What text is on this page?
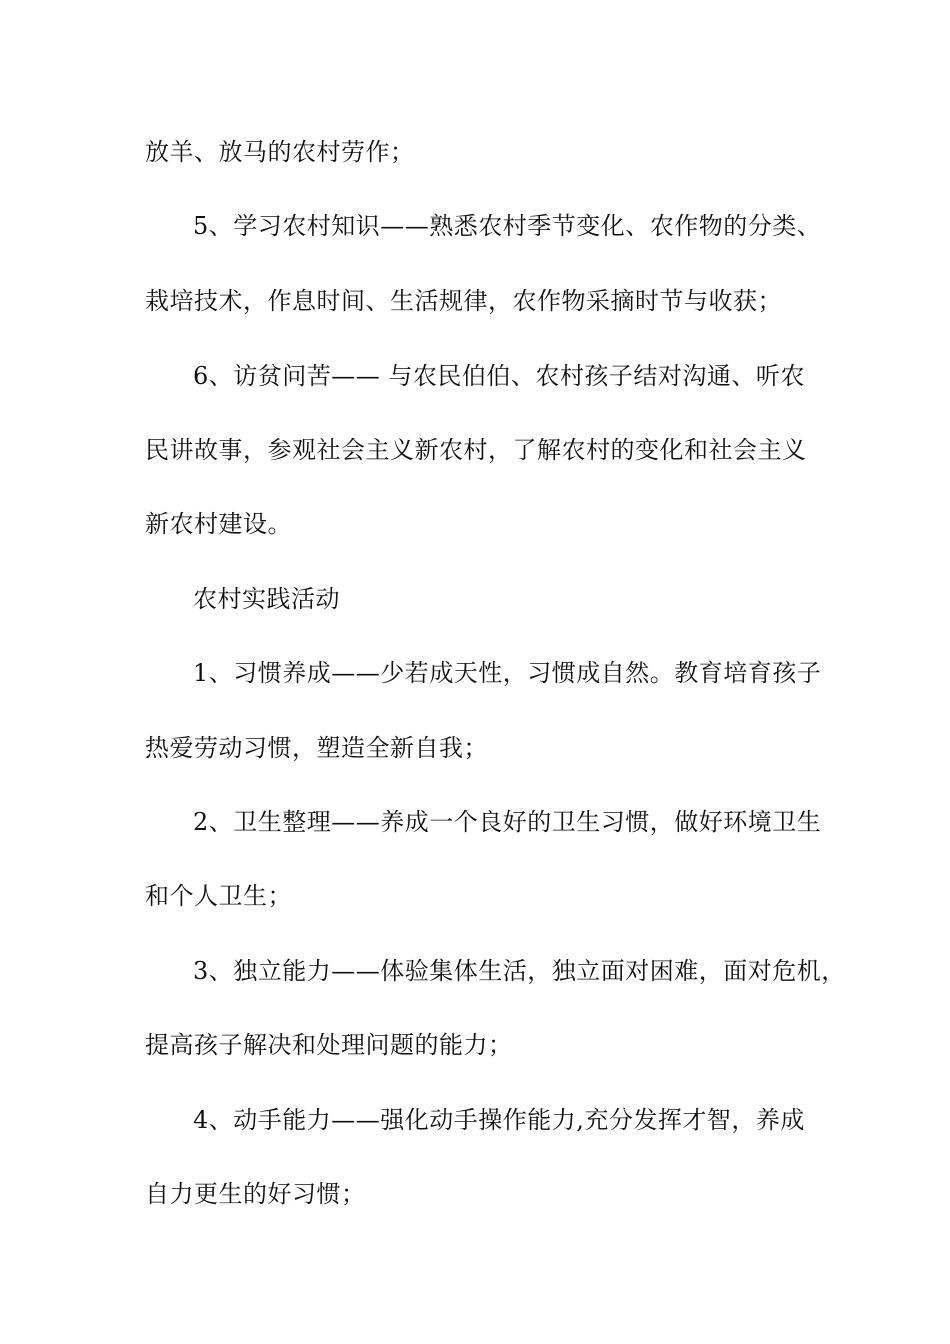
放羊、放马的农村劳作；
5、学习农村知识——熟悉农村季节变化、农作物的分类、
栽培技术，作息时间、生活规律，农作物采摘时节与收获；
6、访贫问苦—— 与农民伯伯、农村孩子结对沟通、听农
民讲故事，参观社会主义新农村，了解农村的变化和社会主义
新农村建设。
农村实践活动
1、习惯养成——少若成天性，习惯成自然。教育培育孩子
热爱劳动习惯，塑造全新自我；
2、卫生整理——养成一个良好的卫生习惯，做好环境卫生
和个人卫生；
3、独立能力——体验集体生活，独立面对困难，面对危机，
提高孩子解决和处理问题的能力；
4、动手能力——强化动手操作能力,充分发挥才智，养成
自力更生的好习惯；
